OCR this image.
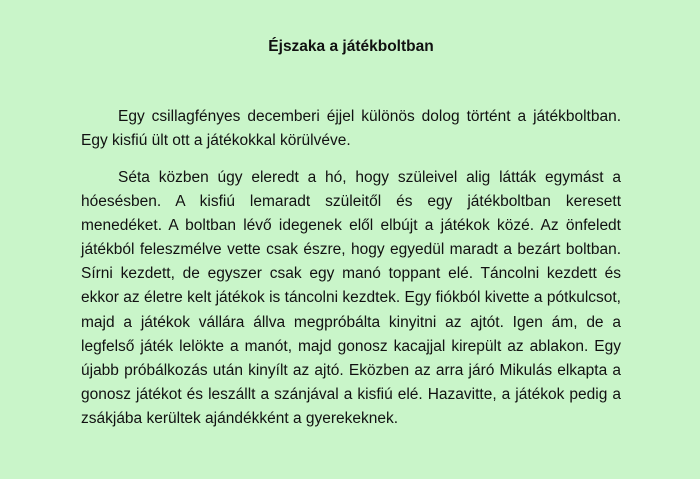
Éjszaka a játékboltban

Egy csillagfényes decemberi éjjel különös dolog történt a játékboltban. Egy kisfiú ült ott a játékokkal körülvéve.

Séta közben úgy eleredt a hó, hogy szüleivel alig látták egymást a hóesésben. A kisfiú lemaradt szüleitől és egy játékboltban keresett menedéket. A boltban lévő idegenek elől elbújt a játékok közé. Az önfeledt játékból feleszmélve vette csak észre, hogy egyedül maradt a bezárt boltban. Sírni kezdett, de egyszer csak egy manó toppant elé. Táncolni kezdett és ekkor az életre kelt játékok is táncolni kezdtek. Egy fiókból kivette a pótkulcsot, majd a játékok vállára állva megpróbálta kinyitni az ajtót. Igen ám, de a legfelső játék lelökte a manót, majd gonosz kacajjal kirepült az ablakon. Egy újabb próbálkozás után kinyílt az ajtó. Eközben az arra járó Mikulás elkapta a gonosz játékot és leszállt a szánjával a kisfiú elé. Hazavitte, a játékok pedig a zsákjába kerültek ajándékként a gyerekeknek.
